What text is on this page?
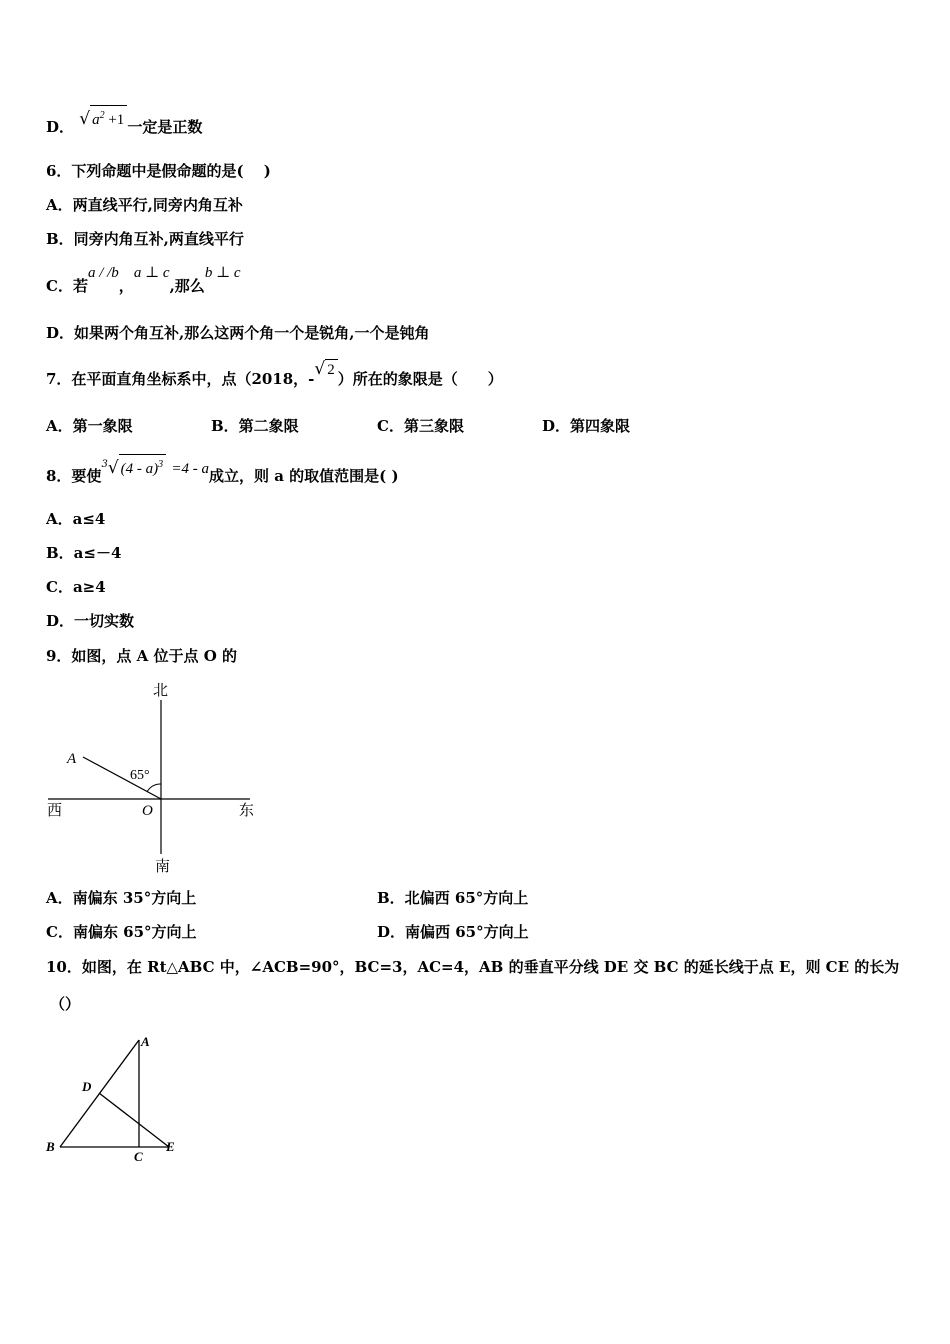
D． √ $a^2 +1$ 一定是正数
6．下列命题中是假命题的是(　 )
A．两直线平行,同旁内角互补
B．同旁内角互补,两直线平行
C．若a / /b，a ⊥ c,那么b ⊥ c
D．如果两个角互补,那么这两个角一个是锐角,一个是钝角
7．在平面直角坐标系中，点（2018，-√ 2 ）所在的象限是（　　）
A．第一象限	B．第二象限	C．第三象限	D．第四象限
8．要使$^3$√ (4 - a)$^3$ =4 - a成立，则 a 的取值范围是( )
A．a≤4
B．a≤－4
C．a≥4
D．一切实数
9．如图，点 A 位于点 O 的
北
南
西	东
A
O
65°
A．南偏东 35°方向上	B．北偏西 65°方向上
C．南偏东 65°方向上	D．南偏西 65°方向上
10．如图，在 Rt△ABC 中，∠ACB=90°，BC=3，AC=4，AB 的垂直平分线 DE 交 BC 的延长线于点 E，则 CE 的长为
（）
A
B
C
D
E
